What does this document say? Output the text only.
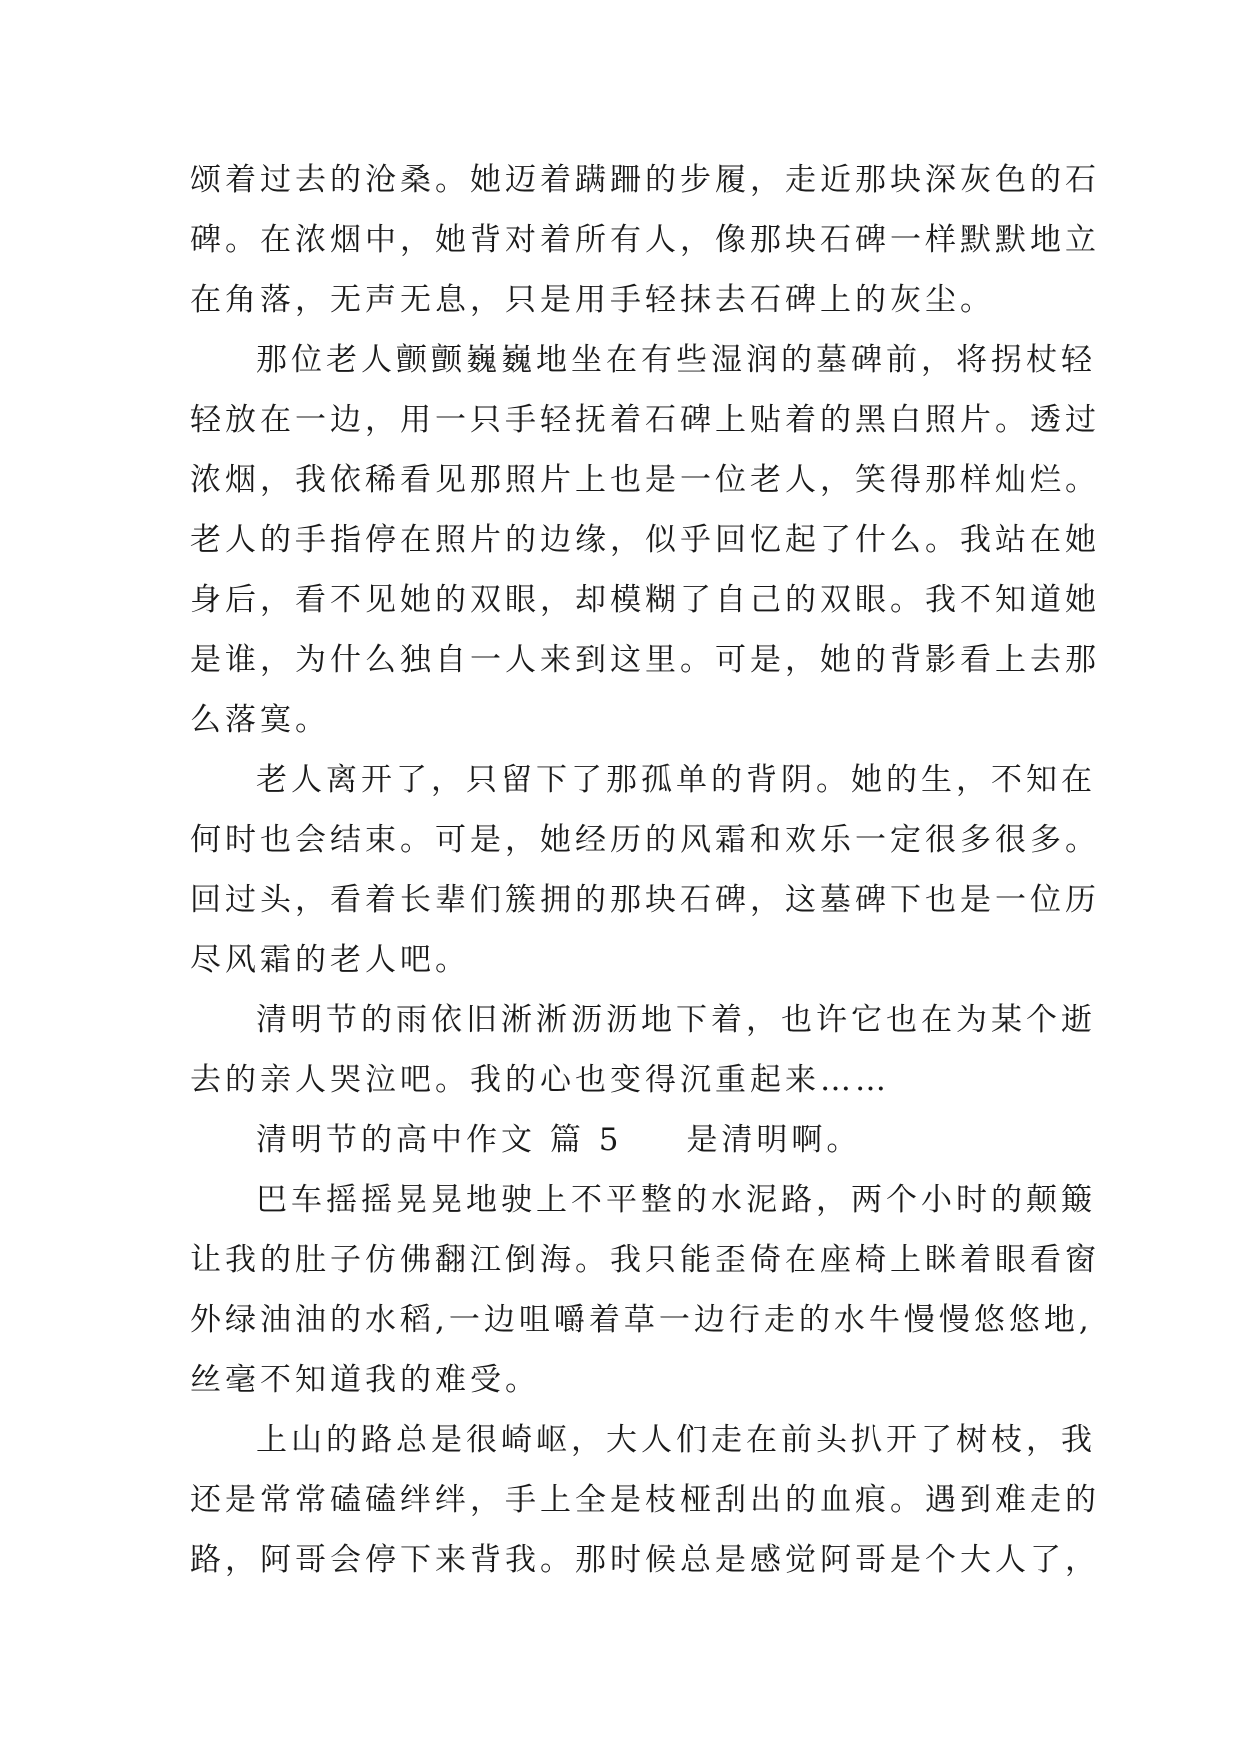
颂着过去的沧桑。她迈着蹒跚的步履，走近那块深灰色的石
碑。在浓烟中，她背对着所有人，像那块石碑一样默默地立
在角落，无声无息，只是用手轻抹去石碑上的灰尘。
那位老人颤颤巍巍地坐在有些湿润的墓碑前，将拐杖轻
轻放在一边，用一只手轻抚着石碑上贴着的黑白照片。透过
浓烟，我依稀看见那照片上也是一位老人，笑得那样灿烂。
老人的手指停在照片的边缘，似乎回忆起了什么。我站在她
身后，看不见她的双眼，却模糊了自己的双眼。我不知道她
是谁，为什么独自一人来到这里。可是，她的背影看上去那
么落寞。
老人离开了，只留下了那孤单的背阴。她的生，不知在
何时也会结束。可是，她经历的风霜和欢乐一定很多很多。
回过头，看着长辈们簇拥的那块石碑，这墓碑下也是一位历
尽风霜的老人吧。
清明节的雨依旧淅淅沥沥地下着，也许它也在为某个逝
去的亲人哭泣吧。我的心也变得沉重起来……
清明节的高中作文 篇 5 是清明啊。
巴车摇摇晃晃地驶上不平整的水泥路，两个小时的颠簸
让我的肚子仿佛翻江倒海。我只能歪倚在座椅上眯着眼看窗
外绿油油的水稻,一边咀嚼着草一边行走的水牛慢慢悠悠地,
丝毫不知道我的难受。
上山的路总是很崎岖，大人们走在前头扒开了树枝，我
还是常常磕磕绊绊，手上全是枝桠刮出的血痕。遇到难走的
路，阿哥会停下来背我。那时候总是感觉阿哥是个大人了，
